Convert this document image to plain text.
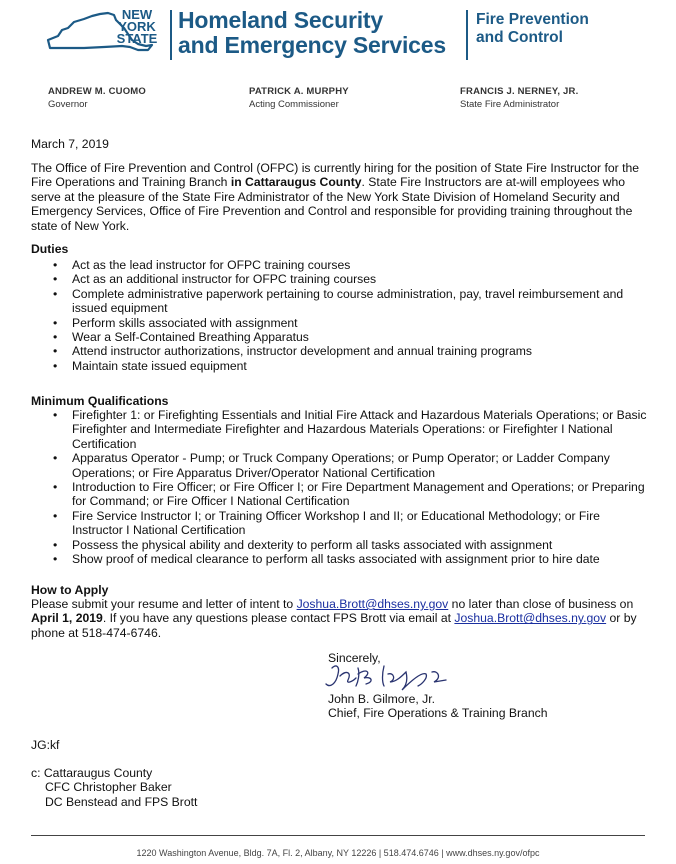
NEW
YORK
STATE
Homeland Security
and Emergency Services
Fire Prevention
and Control
ANDREW M. CUOMO
Governor
PATRICK A. MURPHY
Acting Commissioner
FRANCIS J. NERNEY, JR.
State Fire Administrator
March 7, 2019

The Office of Fire Prevention and Control (OFPC) is currently hiring for the position of State Fire Instructor for the Fire Operations and Training Branch in Cattaraugus County. State Fire Instructors are at-will employees who serve at the pleasure of the State Fire Administrator of the New York State Division of Homeland Security and Emergency Services, Office of Fire Prevention and Control and responsible for providing training throughout the state of New York.

Duties
• Act as the lead instructor for OFPC training courses
• Act as an additional instructor for OFPC training courses
• Complete administrative paperwork pertaining to course administration, pay, travel reimbursement and issued equipment
• Perform skills associated with assignment
• Wear a Self-Contained Breathing Apparatus
• Attend instructor authorizations, instructor development and annual training programs
• Maintain state issued equipment
Minimum Qualifications
• Firefighter 1: or Firefighting Essentials and Initial Fire Attack and Hazardous Materials Operations; or Basic Firefighter and Intermediate Firefighter and Hazardous Materials Operations: or Firefighter I National Certification
• Apparatus Operator - Pump; or Truck Company Operations; or Pump Operator; or Ladder Company Operations; or Fire Apparatus Driver/Operator National Certification
• Introduction to Fire Officer; or Fire Officer I; or Fire Department Management and Operations; or Preparing for Command; or Fire Officer I National Certification
• Fire Service Instructor I; or Training Officer Workshop I and II; or Educational Methodology; or Fire Instructor I National Certification
• Possess the physical ability and dexterity to perform all tasks associated with assignment
• Show proof of medical clearance to perform all tasks associated with assignment prior to hire date
How to Apply

Please submit your resume and letter of intent to Joshua.Brott@dhses.ny.gov no later than close of business on April 1, 2019. If you have any questions please contact FPS Brott via email at Joshua.Brott@dhses.ny.gov or by phone at 518-474-6746.

Sincerely,
John B. Gilmore, Jr.
Chief, Fire Operations & Training Branch
JG:kf
c: Cattaraugus County
CFC Christopher Baker
DC Benstead and FPS Brott
1220 Washington Avenue, Bldg. 7A, Fl. 2, Albany, NY 12226 | 518.474.6746 | www.dhses.ny.gov/ofpc
